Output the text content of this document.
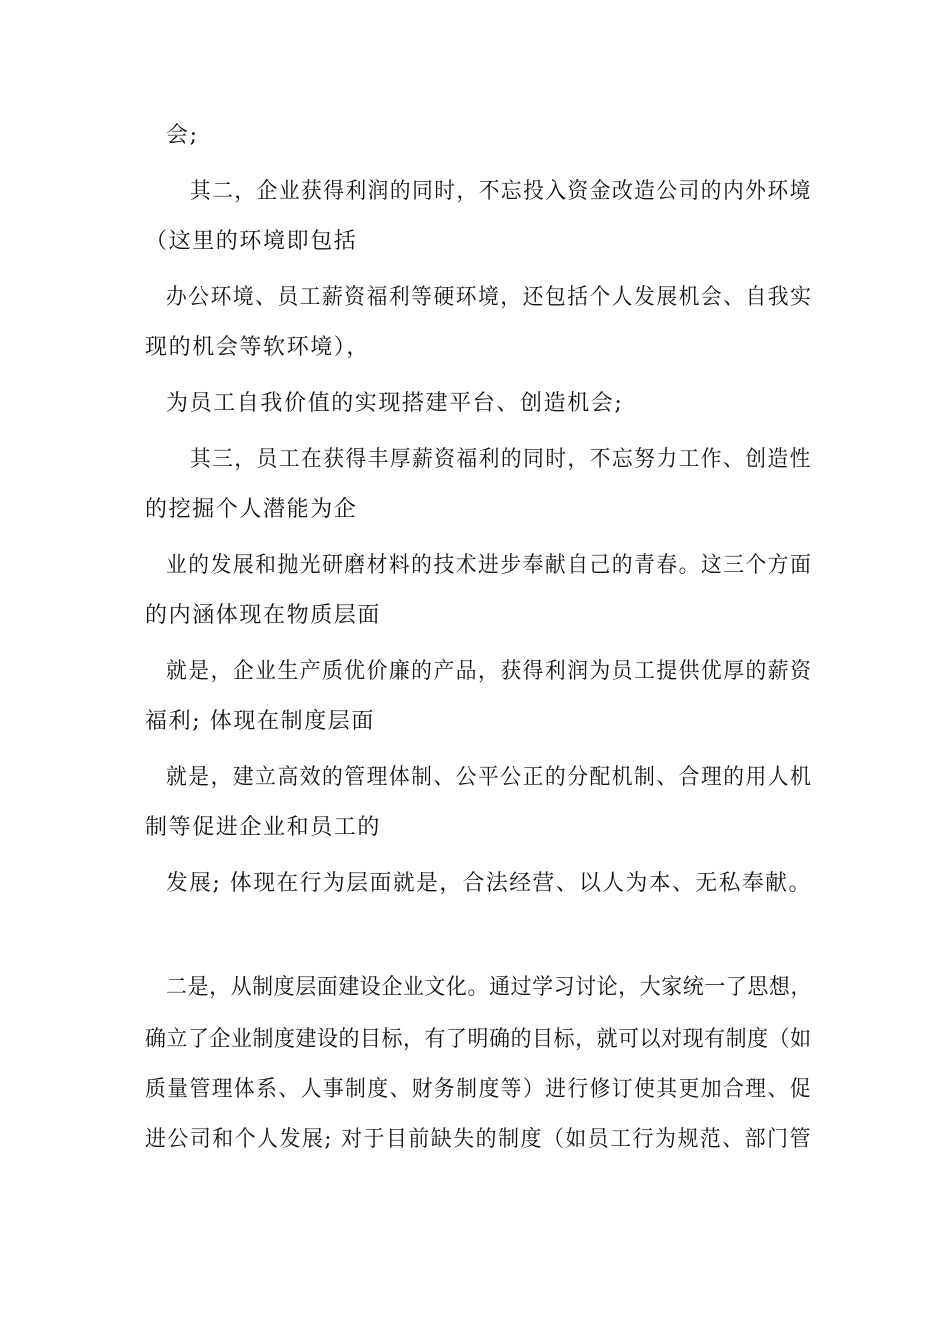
会;
其二，企业获得利润的同时，不忘投入资金改造公司的内外环境
（这里的环境即包括
办公环境、员工薪资福利等硬环境，还包括个人发展机会、自我实
现的机会等软环境），
为员工自我价值的实现搭建平台、创造机会;
其三，员工在获得丰厚薪资福利的同时，不忘努力工作、创造性
的挖掘个人潜能为企
业的发展和抛光研磨材料的技术进步奉献自己的青春。这三个方面
的内涵体现在物质层面
就是，企业生产质优价廉的产品，获得利润为员工提供优厚的薪资
福利; 体现在制度层面
就是，建立高效的管理体制、公平公正的分配机制、合理的用人机
制等促进企业和员工的
发展; 体现在行为层面就是，合法经营、以人为本、无私奉献。
二是，从制度层面建设企业文化。通过学习讨论，大家统一了思想，
确立了企业制度建设的目标，有了明确的目标，就可以对现有制度（如
质量管理体系、人事制度、财务制度等）进行修订使其更加合理、促
进公司和个人发展; 对于目前缺失的制度（如员工行为规范、部门管
